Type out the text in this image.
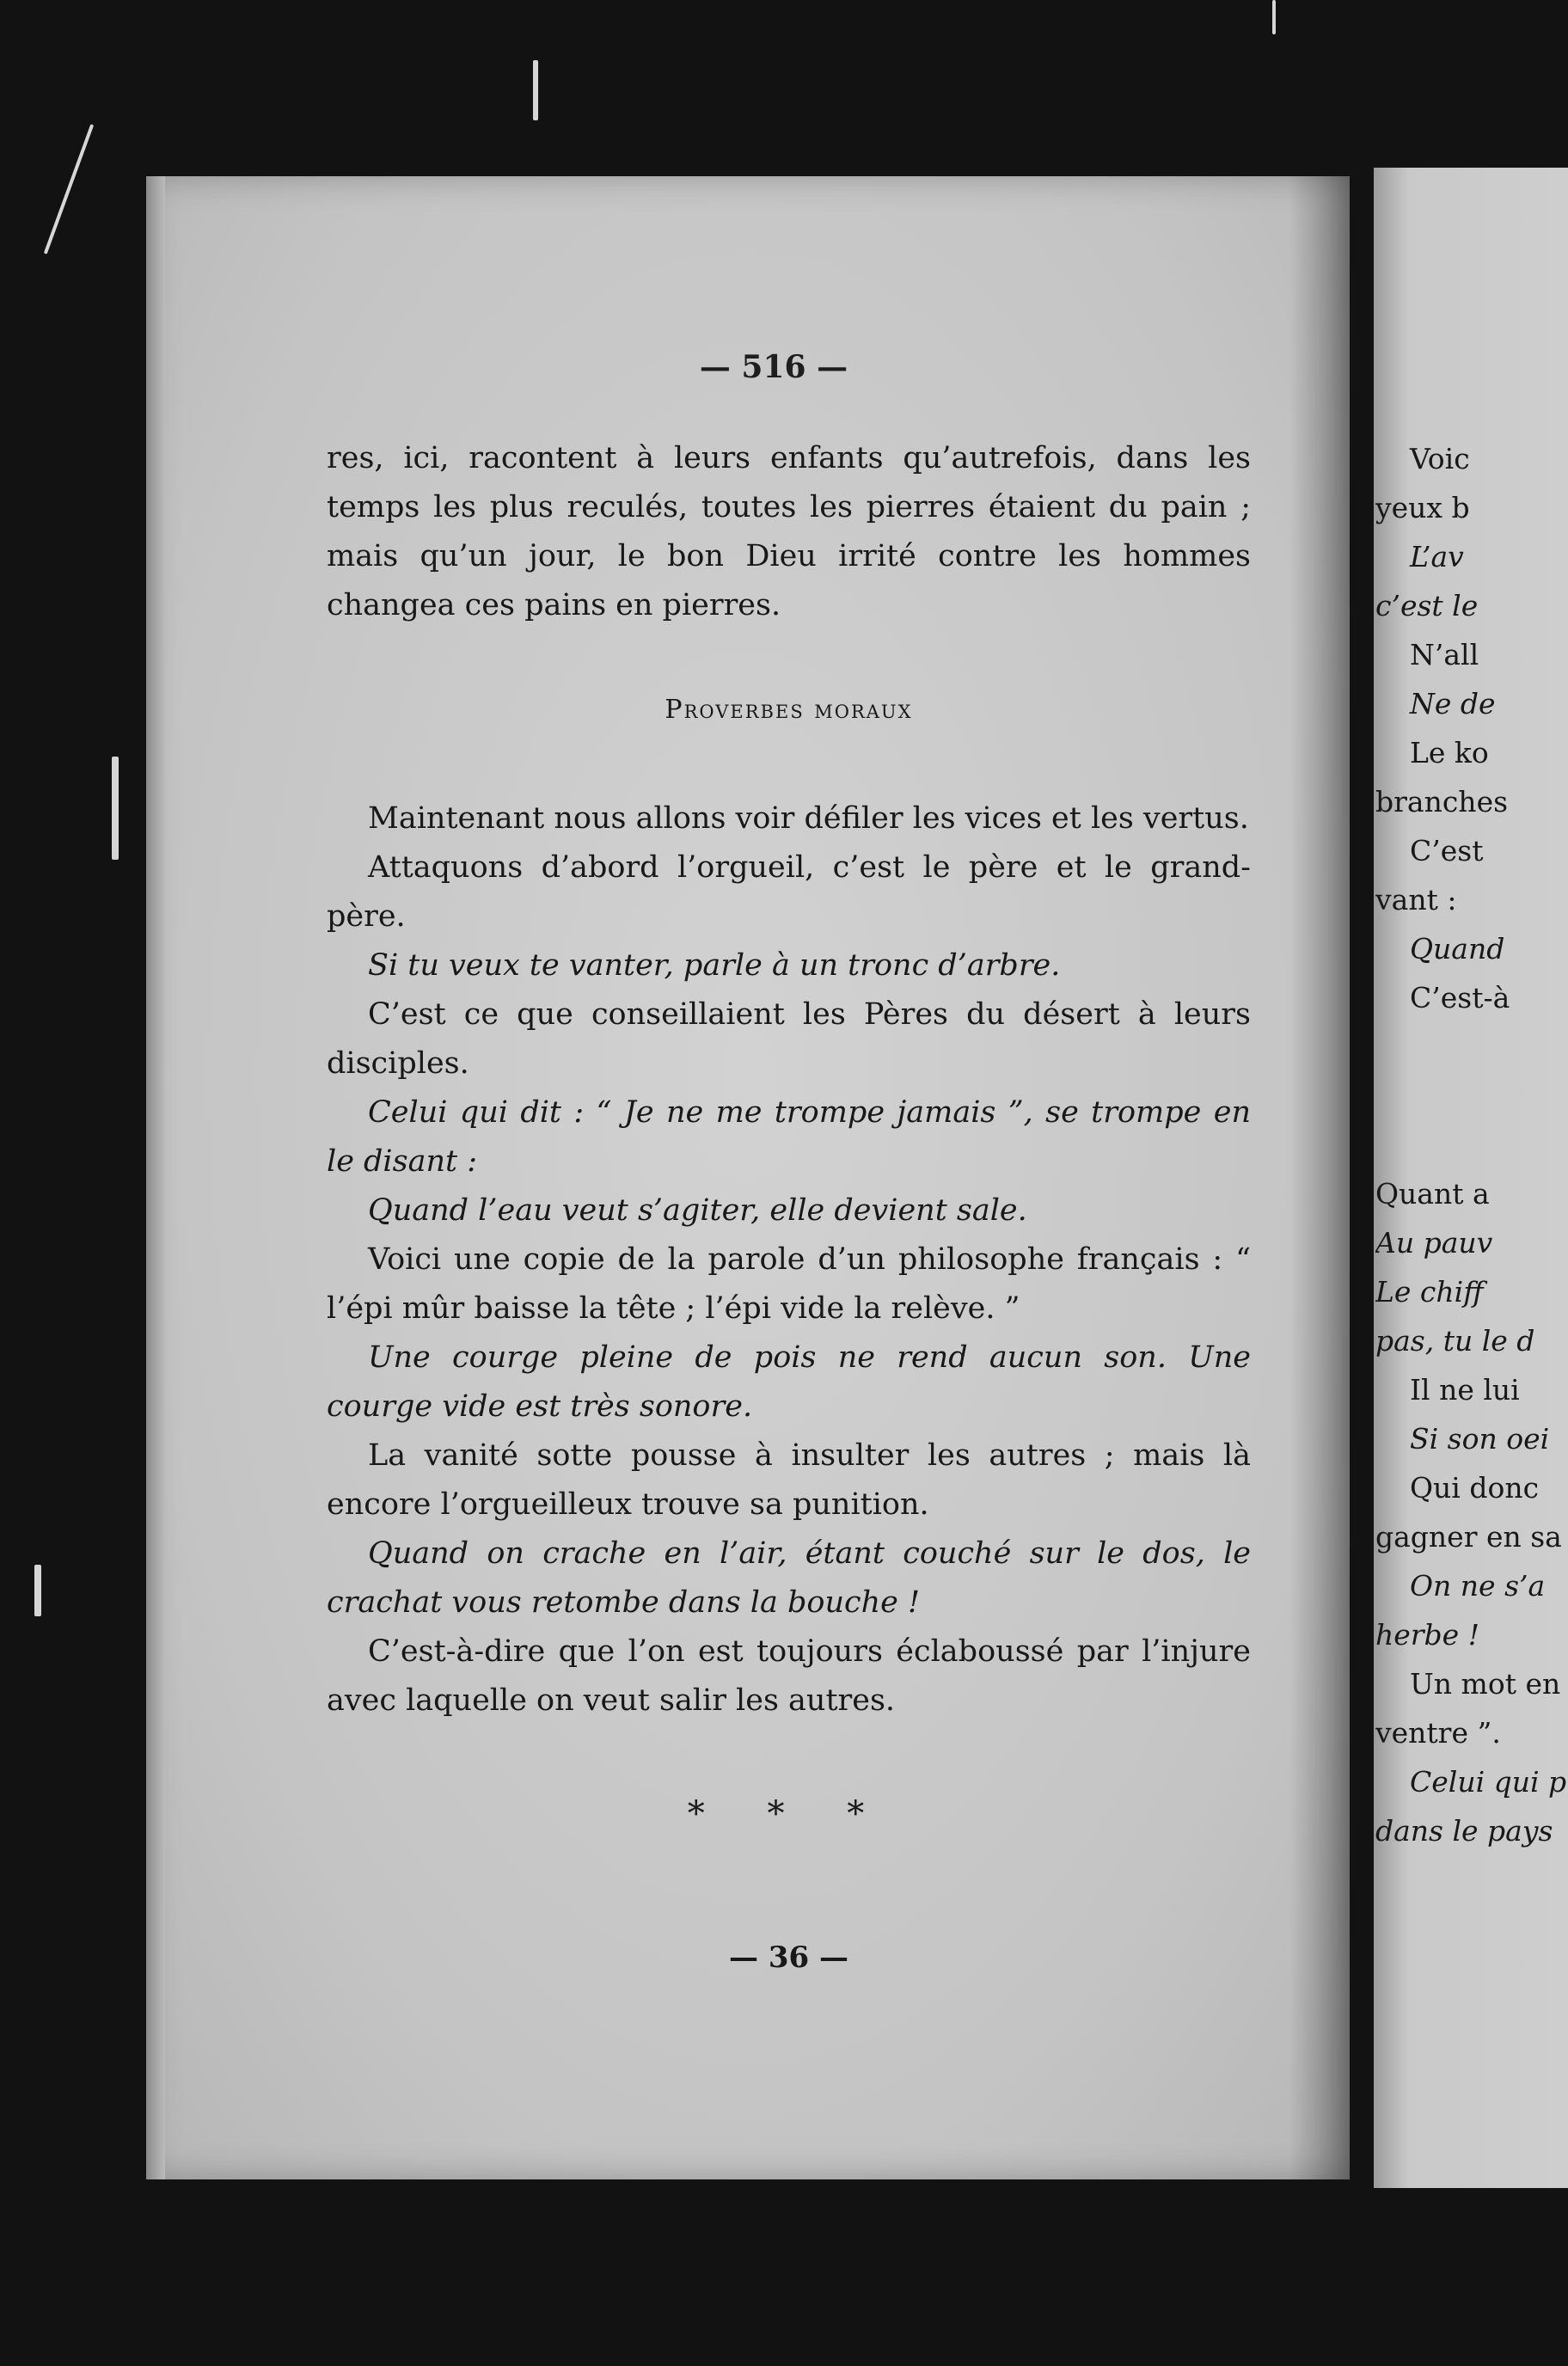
— 516 —

res, ici, racontent à leurs enfants qu’autrefois, dans les temps les plus reculés, toutes les pierres étaient du pain ; mais qu’un jour, le bon Dieu irrité contre les hommes changea ces pains en pierres.

Proverbes moraux

Maintenant nous allons voir défiler les vices et les vertus.

Attaquons d’abord l’orgueil, c’est le père et le grand-père.

Si tu veux te vanter, parle à un tronc d’arbre.

C’est ce que conseillaient les Pères du désert à leurs disciples.

Celui qui dit : “ Je ne me trompe jamais ”, se trompe en le disant :

Quand l’eau veut s’agiter, elle devient sale.

Voici une copie de la parole d’un philosophe français : “ l’épi mûr baisse la tête ; l’épi vide la relève. ”

Une courge pleine de pois ne rend aucun son. Une courge vide est très sonore.

La vanité sotte pousse à insulter les autres ; mais là encore l’orgueilleux trouve sa punition.

Quand on crache en l’air, étant couché sur le dos, le crachat vous retombe dans la bouche !

C’est-à-dire que l’on est toujours éclaboussé par l’injure avec laquelle on veut salir les autres.

* * *

— 36 —

Voic
yeux b
L’av
c’est le
N’all
Ne de
Le ko
branches
C’est
vant :
Quand
C’est-à
Quant a
Au pauv
Le chiff
pas, tu le d
Il ne lui
Si son oei
Qui donc
gagner en sa
On ne s’a
herbe !
Un mot en
ventre ”.
Celui qui p
dans le pays
